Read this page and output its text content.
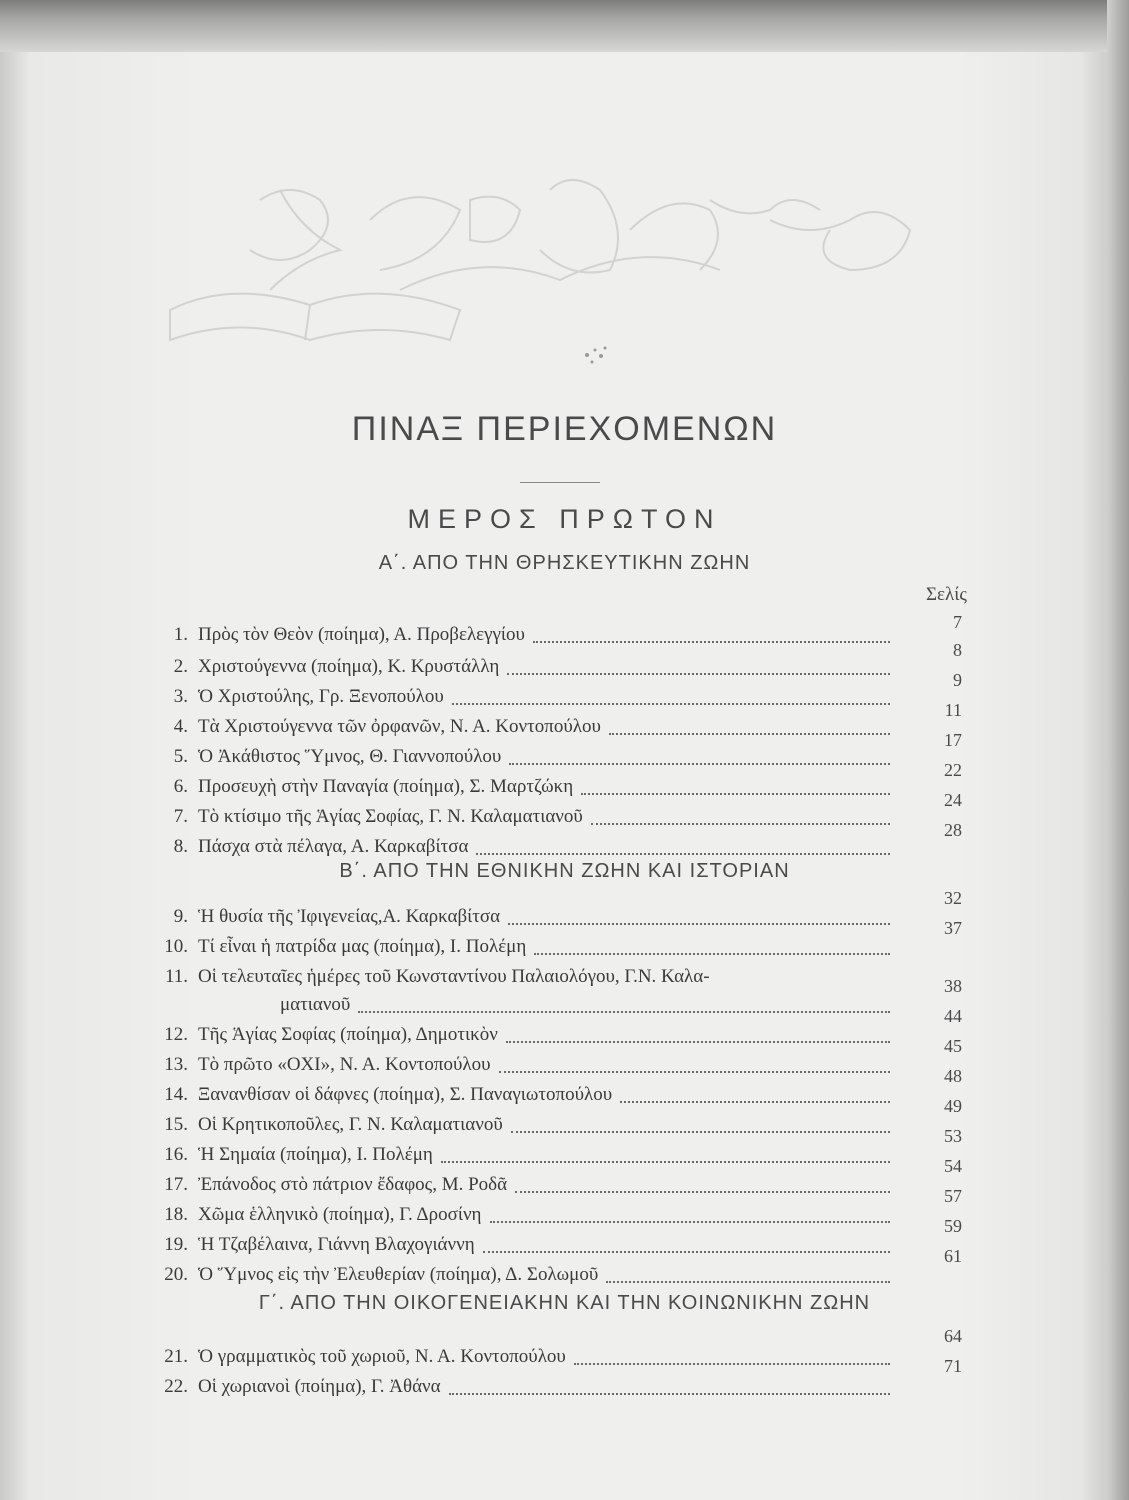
ΠΙΝΑΞ ΠΕΡΙΕΧΟΜΕΝΩΝ
ΜΕΡΟΣ ΠΡΩΤΟΝ
Α΄. ΑΠΟ ΤΗΝ ΘΡΗΣΚΕΥΤΙΚΗΝ ΖΩΗΝ
Σελίς
1. Πρὸς τὸν Θεὸν (ποίημα), Α. Προβελεγγίου
7
2. Χριστούγεννα (ποίημα), Κ. Κρυστάλλη
8
3. Ὁ Χριστούλης, Γρ. Ξενοπούλου
9
4. Τὰ Χριστούγεννα τῶν ὀρφανῶν, Ν. Α. Κοντοπούλου
11
5. Ὁ Ἀκάθιστος Ὕμνος, Θ. Γιαννοπούλου
17
6. Προσευχὴ στὴν Παναγία (ποίημα), Σ. Μαρτζώκη
22
7. Τὸ κτίσιμο τῆς Ἁγίας Σοφίας, Γ. Ν. Καλαματιανοῦ
24
8. Πάσχα στὰ πέλαγα, Α. Καρκαβίτσα
28
Β΄. ΑΠΟ ΤΗΝ ΕΘΝΙΚΗΝ ΖΩΗΝ ΚΑΙ ΙΣΤΟΡΙΑΝ
9. Ἡ θυσία τῆς Ἰφιγενείας,Α. Καρκαβίτσα
32
10. Τί εἶναι ἡ πατρίδα μας (ποίημα), Ι. Πολέμη
37
11. Οἱ τελευταῖες ἡμέρες τοῦ Κωνσταντίνου Παλαιολόγου, Γ.Ν. Καλα-
ματιανοῦ
38
12. Τῆς Ἁγίας Σοφίας (ποίημα), Δημοτικὸν
44
13. Τὸ πρῶτο «ΟΧΙ», Ν. Α. Κοντοπούλου
45
14. Ξανανθίσαν οἱ δάφνες (ποίημα), Σ. Παναγιωτοπούλου
48
15. Οἱ Κρητικοποῦλες, Γ. Ν. Καλαματιανοῦ
49
16. Ἡ Σημαία (ποίημα), Ι. Πολέμη
53
17. Ἐπάνοδος στὸ πάτριον ἔδαφος, Μ. Ροδᾶ
54
18. Χῶμα ἑλληνικὸ (ποίημα), Γ. Δροσίνη
57
19. Ἡ Τζαβέλαινα, Γιάννη Βλαχογιάννη
59
20. Ὁ Ὕμνος εἰς τὴν Ἐλευθερίαν (ποίημα), Δ. Σολωμοῦ
61
Γ΄. ΑΠΟ ΤΗΝ ΟΙΚΟΓΕΝΕΙΑΚΗΝ ΚΑΙ ΤΗΝ ΚΟΙΝΩΝΙΚΗΝ ΖΩΗΝ
21. Ὁ γραμματικὸς τοῦ χωριοῦ, Ν. Α. Κοντοπούλου
64
22. Οἱ χωριανοὶ (ποίημα), Γ. Ἀθάνα
71
